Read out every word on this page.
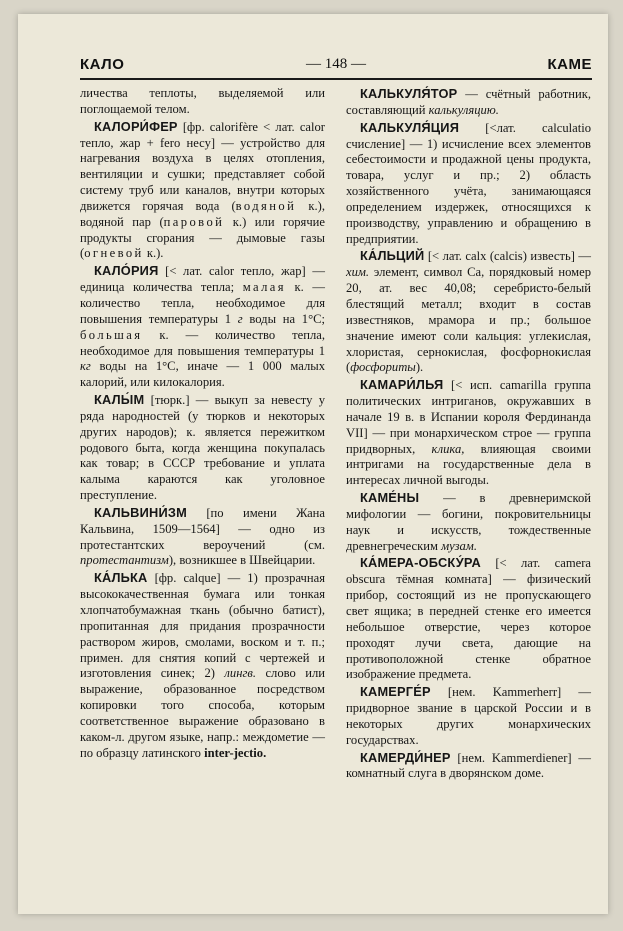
КАЛО	— 148 —	КАМЕ

личества теплоты, выделяемой или поглощаемой телом.

КАЛОРИ́ФЕР [фр. calorifère < лат. calor тепло, жар + fero несу] — устройство для нагревания воздуха в целях отопления, вентиляции и сушки; представляет собой систему труб или каналов, внутри которых движется горячая вода (водяной к.), водяной пар (паровой к.) или горячие продукты сгорания — дымовые газы (огневой к.).

КАЛО́РИЯ [< лат. calor тепло, жар] — единица количества тепла; малая к. — количество тепла, необходимое для повышения температуры 1 г воды на 1°С; большая к. — количество тепла, необходимое для повышения температуры 1 кг воды на 1°С, иначе — 1 000 малых калорий, или килокалория.

КАЛЫ́М [тюрк.] — выкуп за невесту у ряда народностей (у тюрков и некоторых других народов); к. является пережитком родового быта, когда женщина покупалась как товар; в СССР требование и уплата калыма караются как уголовное преступление.

КАЛЬВИНИ́ЗМ [по имени Жана Кальвина, 1509—1564] — одно из протестантских вероучений (см. протестантизм), возникшее в Швейцарии.

КА́ЛЬКА [фр. calque] — 1) прозрачная высококачественная бумага или тонкая хлопчатобумажная ткань (обычно батист), пропитанная для придания прозрачности раствором жиров, смолами, воском и т. п.; примен. для снятия копий с чертежей и изготовления синек; 2) лингв. слово или выражение, образованное посредством копировки того способа, которым соответственное выражение образовано в каком-л. другом языке, напр.: междометие — по образцу латинского inter-jectio.

КАЛЬКУЛЯ́ТОР — счётный работник, составляющий калькуляцию.

КАЛЬКУЛЯ́ЦИЯ [<лат. calculatio счисление] — 1) исчисление всех элементов себестоимости и продажной цены продукта, товара, услуг и пр.; 2) область хозяйственного учёта, занимающаяся определением издержек, относящихся к производству, управлению и обращению в предприятии.

КА́ЛЬЦИЙ [< лат. calx (calcis) известь] — хим. элемент, символ Са, порядковый номер 20, ат. вес 40,08; серебристо-белый блестящий металл; входит в состав известняков, мрамора и пр.; большое значение имеют соли кальция: углекислая, хлористая, сернокислая, фосфорнокислая (фосфориты).

КАМАРИ́ЛЬЯ [< исп. camarilla группа политических интриганов, окружавших в начале 19 в. в Испании короля Фердинанда VII] — при монархическом строе — группа придворных, клика, влияющая своими интригами на государственные дела в интересах личной выгоды.

КАМЕ́НЫ — в древнеримской мифологии — богини, покровительницы наук и искусств, тождественные древнегреческим музам.

КА́МЕРА-ОБСКУ́РА [< лат. camera obscura тёмная комната] — физический прибор, состоящий из не пропускающего свет ящика; в передней стенке его имеется небольшое отверстие, через которое проходят лучи света, дающие на противоположной стенке обратное изображение предмета.

КАМЕРГЕ́Р [нем. Kammerherr] — придворное звание в царской России и в некоторых других монархических государствах.

КАМЕРДИ́НЕР [нем. Kammerdiener] — комнатный слуга в дворянском доме.
